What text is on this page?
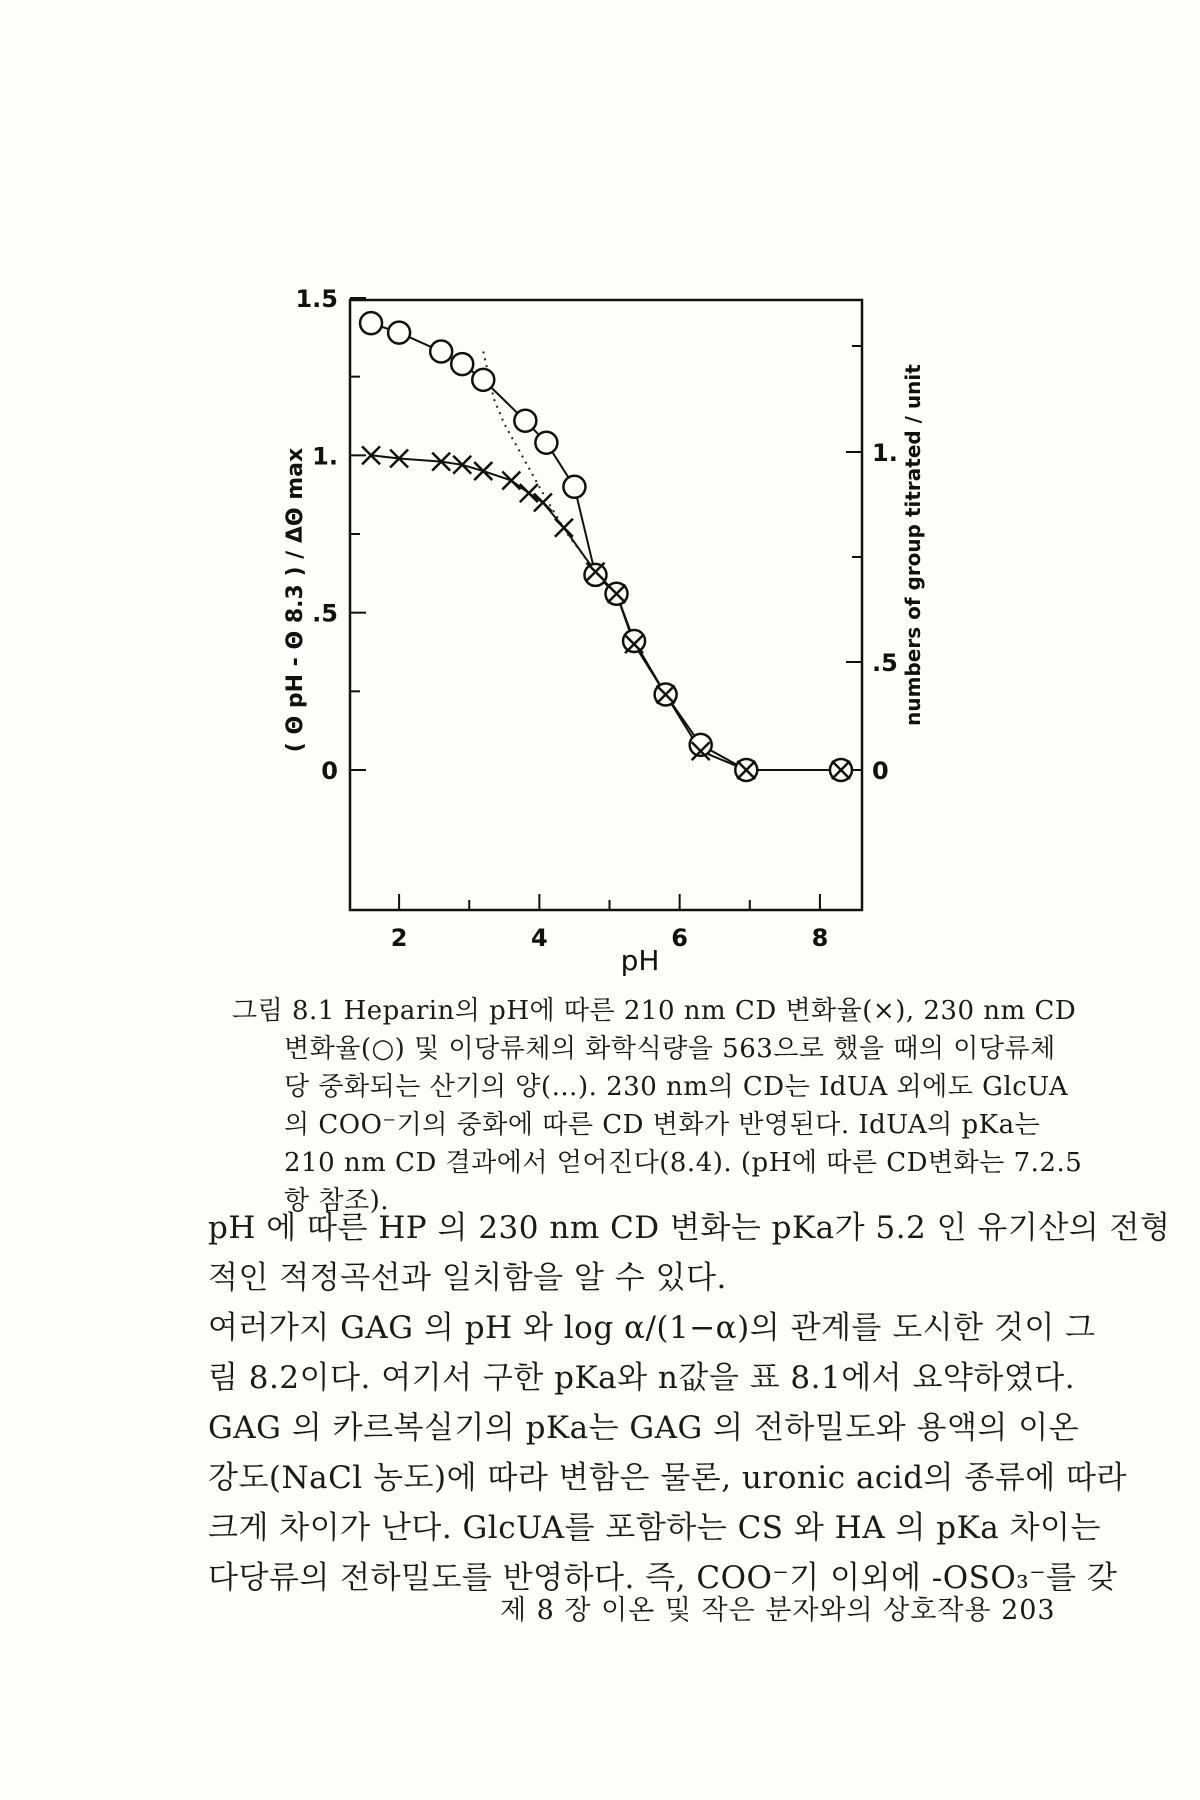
2	4	6	8
0
.5
1.
1.5
0
.5
1.
pH
( Θ pH - Θ 8.3 ) / ΔΘ max	numbers of group titrated / unit
그림 8.1 Heparin의 pH에 따른 210 nm CD 변화율(×), 230 nm CD
변화율(○) 및 이당류체의 화학식량을 563으로 했을 때의 이당류체
당 중화되는 산기의 양(…). 230 nm의 CD는 IdUA 외에도 GlcUA
의 COO⁻기의 중화에 따른 CD 변화가 반영된다. IdUA의 pKa는
210 nm CD 결과에서 얻어진다(8.4). (pH에 따른 CD변화는 7.2.5
항 참조).
pH 에 따른 HP 의 230 nm CD 변화는 pKa가 5.2 인 유기산의 전형
적인 적정곡선과 일치함을 알 수 있다.
여러가지 GAG 의 pH 와 log α/(1−α)의 관계를 도시한 것이 그
림 8.2이다. 여기서 구한 pKa와 n값을 표 8.1에서 요약하였다.
GAG 의 카르복실기의 pKa는 GAG 의 전하밀도와 용액의 이온
강도(NaCl 농도)에 따라 변함은 물론, uronic acid의 종류에 따라
크게 차이가 난다. GlcUA를 포함하는 CS 와 HA 의 pKa 차이는
다당류의 전하밀도를 반영하다. 즉, COO⁻기 이외에 -OSO₃⁻를 갖
제 8 장 이온 및 작은 분자와의 상호작용 203
